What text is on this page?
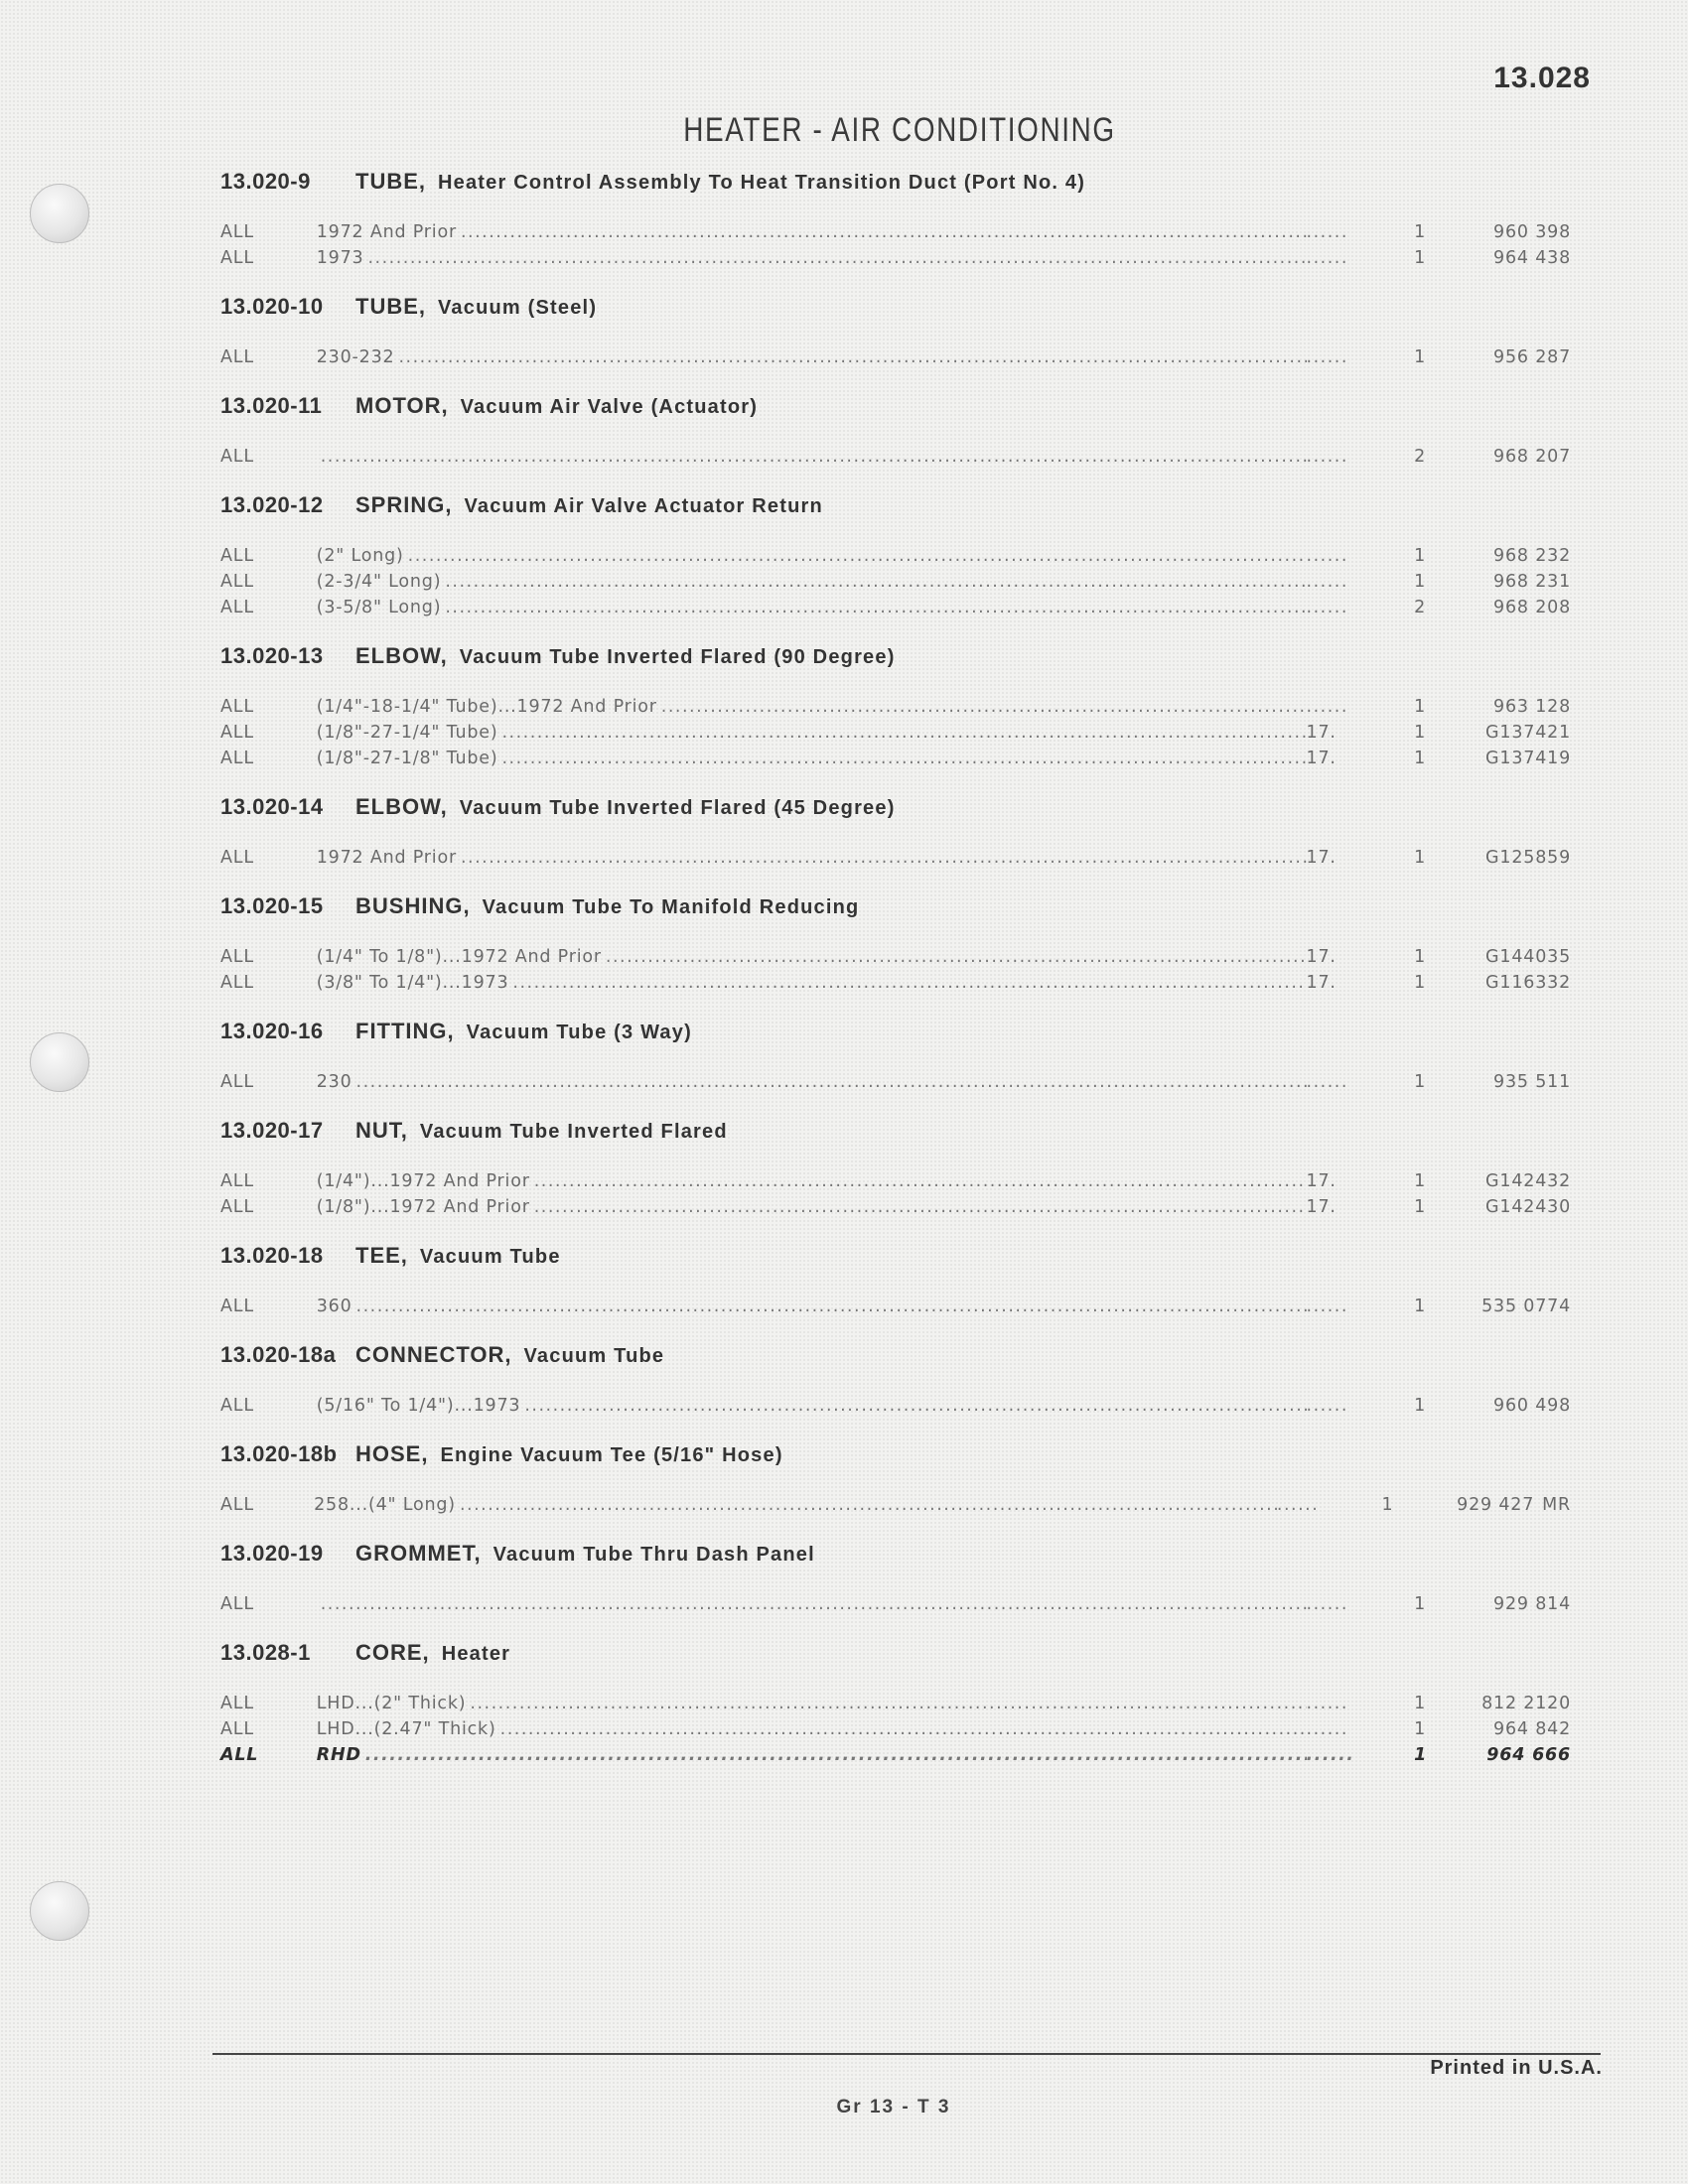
13.028
HEATER - AIR CONDITIONING
13.020-9	TUBE, Heater Control Assembly To Heat Transition Duct (Port No. 4)
ALL	1972 And Prior .....	......	1	960 398
ALL	1973 .....	......	1	964 438
13.020-10	TUBE, Vacuum (Steel)
ALL	230-232 .....	......	1	956 287
13.020-11	MOTOR, Vacuum Air Valve (Actuator)
ALL .....	......	2	968 207
13.020-12	SPRING, Vacuum Air Valve Actuator Return
ALL	(2" Long) .....	......	1	968 232
ALL	(2-3/4" Long) .....	......	1	968 231
ALL	(3-5/8" Long) .....	......	2	968 208
13.020-13	ELBOW, Vacuum Tube Inverted Flared (90 Degree)
ALL	(1/4"-18-1/4" Tube)...1972 And Prior .....	......	1	963 128
ALL	(1/8"-27-1/4" Tube) .....	17.	1	G137421
ALL	(1/8"-27-1/8" Tube) .....	17.	1	G137419
13.020-14	ELBOW, Vacuum Tube Inverted Flared (45 Degree)
ALL	1972 And Prior .....	17.	1	G125859
13.020-15	BUSHING, Vacuum Tube To Manifold Reducing
ALL	(1/4" To 1/8")...1972 And Prior .....	17.	1	G144035
ALL	(3/8" To 1/4")...1973 .....	17.	1	G116332
13.020-16	FITTING, Vacuum Tube (3 Way)
ALL	230 .....	......	1	935 511
13.020-17	NUT, Vacuum Tube Inverted Flared
ALL	(1/4")...1972 And Prior .....	17.	1	G142432
ALL	(1/8")...1972 And Prior .....	17.	1	G142430
13.020-18	TEE, Vacuum Tube
ALL	360 .....	......	1	535 0774
13.020-18a CONNECTOR, Vacuum Tube
ALL	(5/16" To 1/4")...1973 .....	......	1	960 498
13.020-18b HOSE, Engine Vacuum Tee (5/16" Hose)
ALL	258...(4" Long) .....	......	1	929 427 MR
13.020-19	GROMMET, Vacuum Tube Thru Dash Panel
ALL .....	......	1	929 814
13.028-1	CORE, Heater
ALL	LHD...(2" Thick) .....	......	1	812 2120
ALL	LHD...(2.47" Thick) .....	......	1	964 842
ALL	RHD .....	......	1	964 666
Printed in U.S.A.
Gr 13 - T 3
